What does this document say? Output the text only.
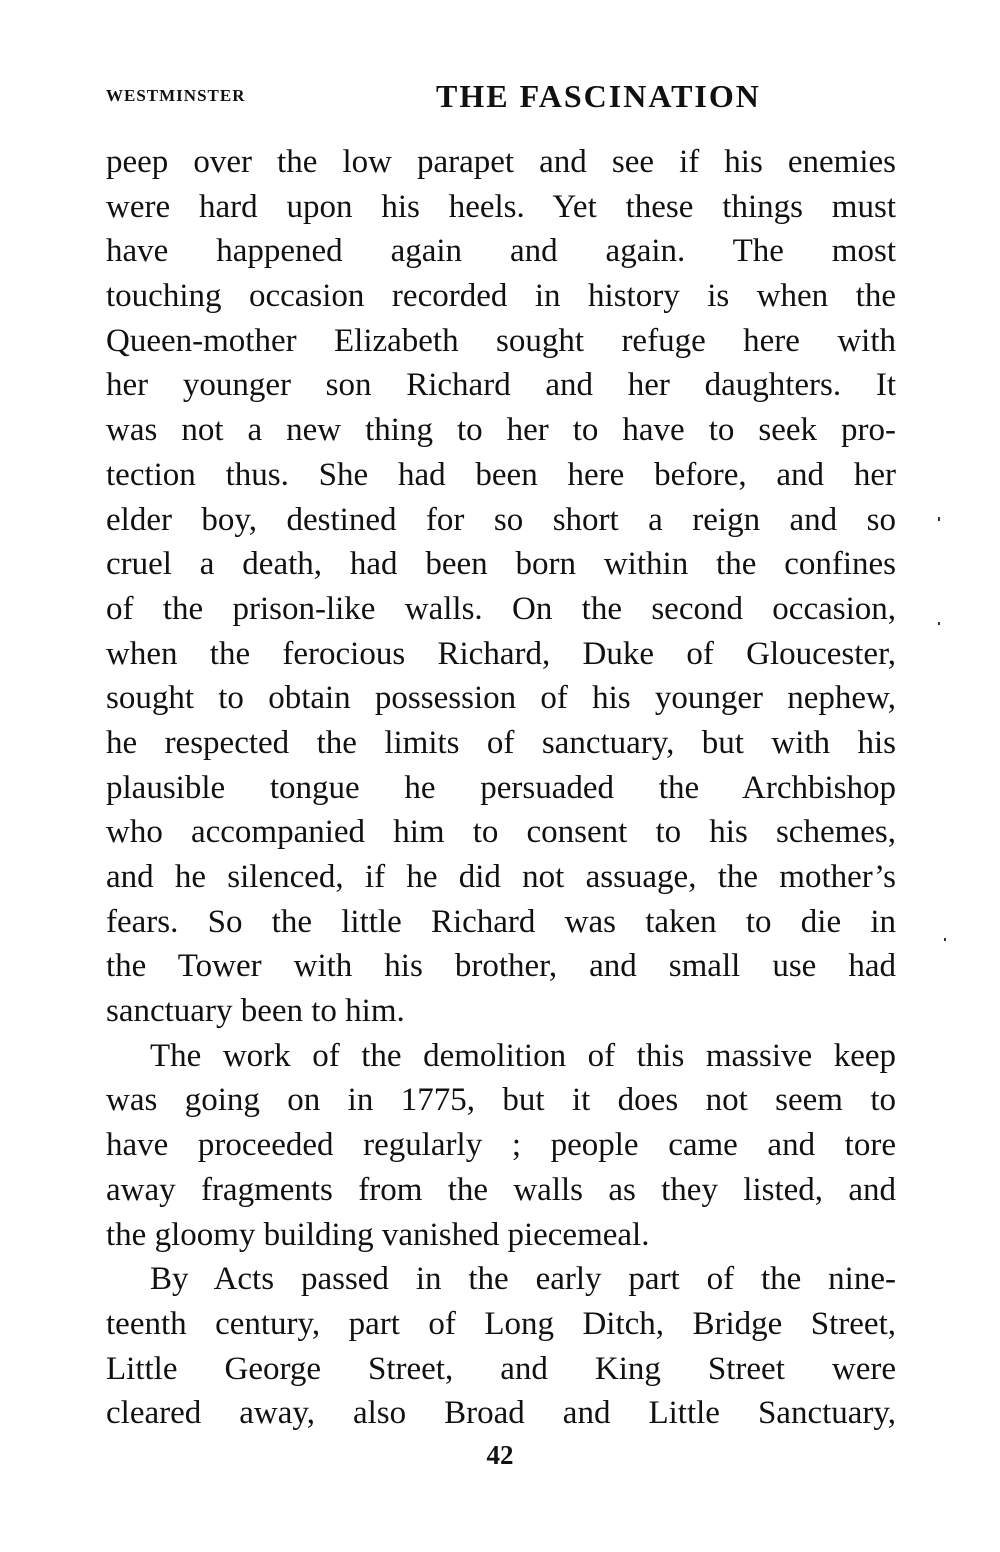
WESTMINSTER	THE FASCINATION
peep over the low parapet and see if his enemies
were hard upon his heels. Yet these things must
have happened again and again. The most
touching occasion recorded in history is when the
Queen-mother Elizabeth sought refuge here with
her younger son Richard and her daughters. It
was not a new thing to her to have to seek pro-
tection thus. She had been here before, and her
elder boy, destined for so short a reign and so
cruel a death, had been born within the confines
of the prison-like walls. On the second occasion,
when the ferocious Richard, Duke of Gloucester,
sought to obtain possession of his younger nephew,
he respected the limits of sanctuary, but with his
plausible tongue he persuaded the Archbishop
who accompanied him to consent to his schemes,
and he silenced, if he did not assuage, the mother’s
fears. So the little Richard was taken to die in
the Tower with his brother, and small use had
sanctuary been to him.
The work of the demolition of this massive keep
was going on in 1775, but it does not seem to
have proceeded regularly ; people came and tore
away fragments from the walls as they listed, and
the gloomy building vanished piecemeal.
By Acts passed in the early part of the nine-
teenth century, part of Long Ditch, Bridge Street,
Little George Street, and King Street were
cleared away, also Broad and Little Sanctuary,
42
